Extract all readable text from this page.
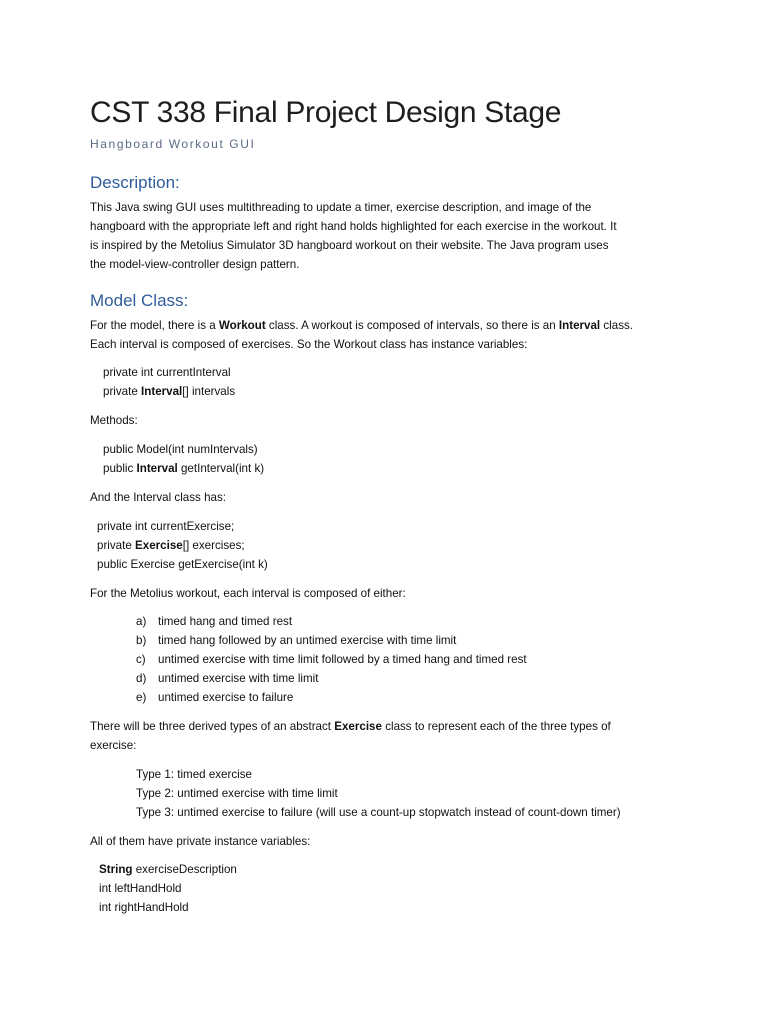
CST 338 Final Project Design Stage
Hangboard Workout GUI
Description:
This Java swing GUI uses multithreading to update a timer, exercise description, and image of the
hangboard with the appropriate left and right hand holds highlighted for each exercise in the workout. It
is inspired by the Metolius Simulator 3D hangboard workout on their website. The Java program uses
the model-view-controller design pattern.
Model Class:
For the model, there is a Workout class. A workout is composed of intervals, so there is an Interval class.
Each interval is composed of exercises. So the Workout class has instance variables:
private int currentInterval
private Interval[] intervals
Methods:
public Model(int numIntervals)
public Interval getInterval(int k)
And the Interval class has:
private int currentExercise;
private Exercise[] exercises;
public Exercise getExercise(int k)
For the Metolius workout, each interval is composed of either:
a)	timed hang and timed rest
b)	timed hang followed by an untimed exercise with time limit
c)	untimed exercise with time limit followed by a timed hang and timed rest
d)	untimed exercise with time limit
e)	untimed exercise to failure
There will be three derived types of an abstract Exercise class to represent each of the three types of
exercise:
Type 1: timed exercise
Type 2: untimed exercise with time limit
Type 3: untimed exercise to failure (will use a count-up stopwatch instead of count-down timer)
All of them have private instance variables:
String exerciseDescription
int leftHandHold
int rightHandHold
